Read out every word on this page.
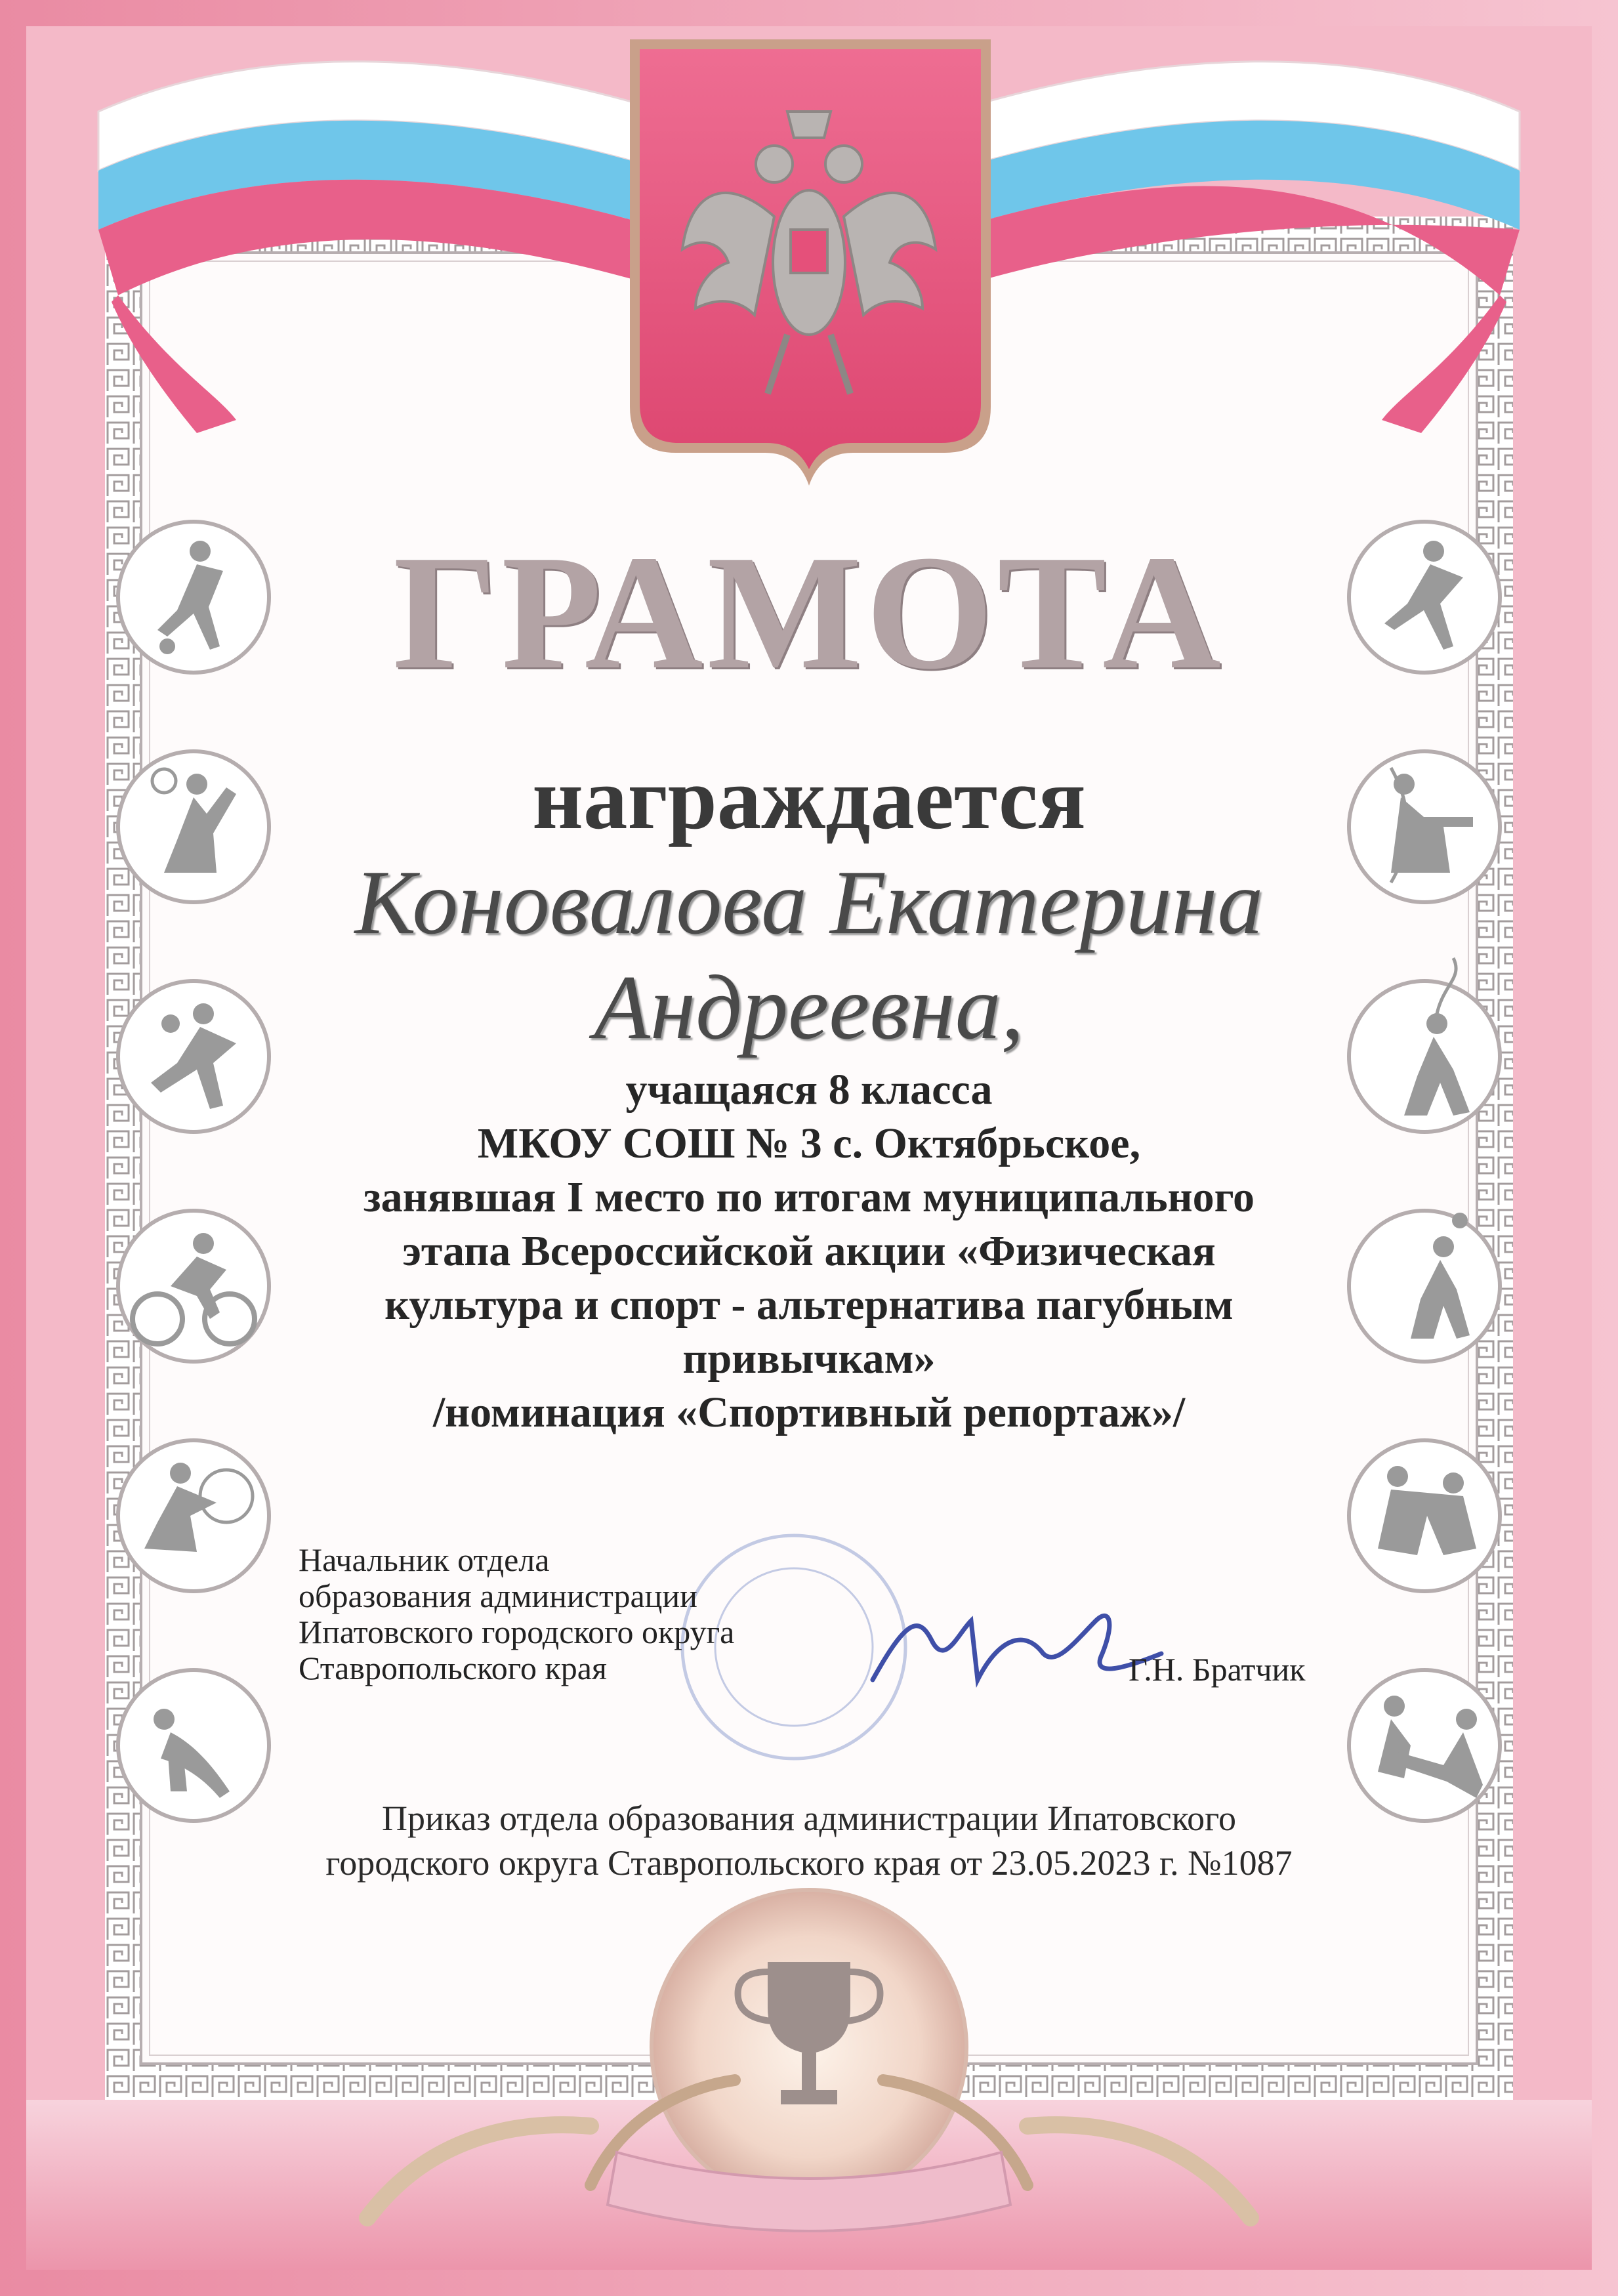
ГРАМОТА
награждается
Коновалова Екатерина
Андреевна,
учащаяся 8 класса
МКОУ СОШ № 3 с. Октябрьское,
занявшая I место по итогам муниципального
этапа Всероссийской акции «Физическая
культура и спорт - альтернатива пагубным
привычкам»
/номинация «Спортивный репортаж»/
Начальник отдела
образования администрации
Ипатовского городского округа
Ставропольского края	Г.Н. Братчик
Приказ отдела образования администрации Ипатовского
городского округа Ставропольского края от 23.05.2023 г. №1087
